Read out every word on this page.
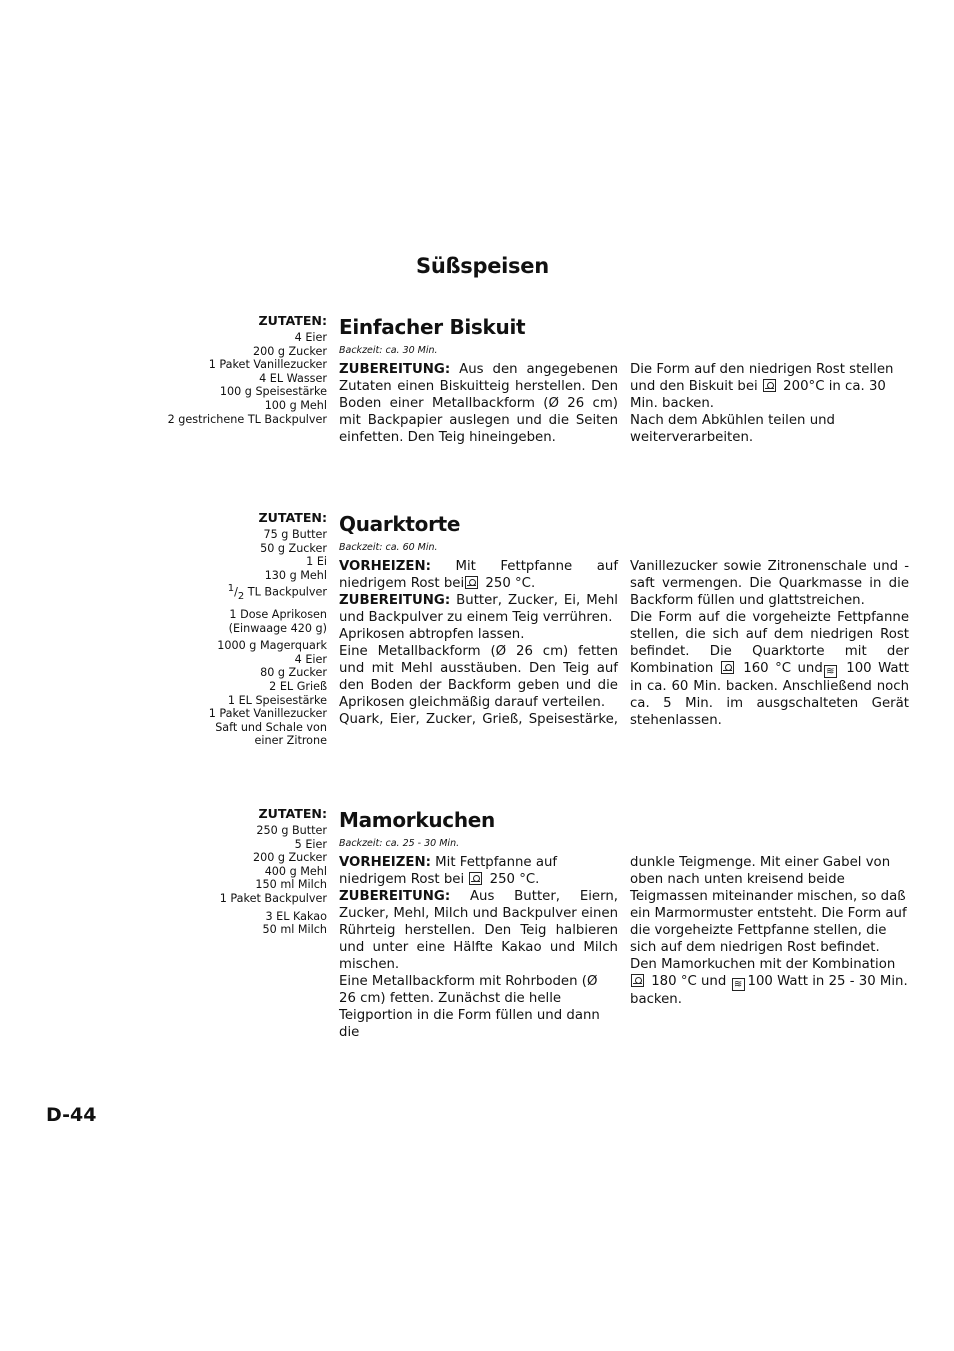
Süßspeisen
ZUTATEN:
4 Eier
200 g Zucker
1 Paket Vanillezucker
4 EL Wasser
100 g Speisestärke
100 g Mehl
2 gestrichene TL Backpulver
Einfacher Biskuit
Backzeit: ca. 30 Min.

ZUBEREITUNG: Aus den angegebenen Zutaten einen Biskuitteig herstellen. Den Boden einer Metallbackform (Ø 26 cm) mit Backpapier auslegen und die Seiten einfetten. Den Teig hineingeben.

Die Form auf den niedrigen Rost stellen und den Biskuit bei  200°C in ca. 30 Min. backen.

Nach dem Abkühlen teilen und weiterverarbeiten.

ZUTATEN:
75 g Butter
50 g Zucker
1 Ei
130 g Mehl
$^1/_2$ TL Backpulver
1 Dose Aprikosen
(Einwaage 420 g)
1000 g Magerquark
4 Eier
80 g Zucker
2 EL Grieß
1 EL Speisestärke
1 Paket Vanillezucker
Saft und Schale von
einer Zitrone
Quarktorte
Backzeit: ca. 60 Min.

VORHEIZEN: Mit Fettpfanne auf niedrigem Rost bei 250 °C.

ZUBEREITUNG: Butter, Zucker, Ei, Mehl und Backpulver zu einem Teig verrühren.

Aprikosen abtropfen lassen.

Eine Metallbackform (Ø 26 cm) fetten und mit Mehl ausstäuben. Den Teig auf den Boden der Backform geben und die Aprikosen gleichmäßig darauf verteilen.

Quark, Eier, Zucker, Grieß, Speisestärke,

Vanillezucker sowie Zitronenschale und -saft vermengen. Die Quarkmasse in die Backform füllen und glattstreichen.

Die Form auf die vorgeheizte Fettpfanne stellen, die sich auf dem niedrigen Rost befindet. Die Quarktorte mit der Kombination  160 °C und ≋ 100 Watt in ca. 60 Min. backen. Anschließend noch ca. 5 Min. im ausgschalteten Gerät stehenlassen.

ZUTATEN:
250 g Butter
5 Eier
200 g Zucker
400 g Mehl
150 ml Milch
1 Paket Backpulver
3 EL Kakao
50 ml Milch
Mamorkuchen
Backzeit: ca. 25 - 30 Min.

VORHEIZEN: Mit Fettpfanne auf niedrigem Rost bei  250 °C.

ZUBEREITUNG: Aus Butter, Eiern, Zucker, Mehl, Milch und Backpulver einen Rührteig herstellen. Den Teig halbieren und unter eine Hälfte Kakao und Milch mischen.

Eine Metallbackform mit Rohrboden (Ø 26 cm) fetten. Zunächst die helle Teigportion in die Form füllen und dann die

dunkle Teigmenge. Mit einer Gabel von oben nach unten kreisend beide Teigmassen miteinander mischen, so daß ein Marmormuster entsteht. Die Form auf die vorgeheizte Fettpfanne stellen, die sich auf dem niedrigen Rost befindet. Den Mamorkuchen mit der Kombination  180 °C und ≋ 100 Watt in 25 - 30 Min. backen.

D-44
